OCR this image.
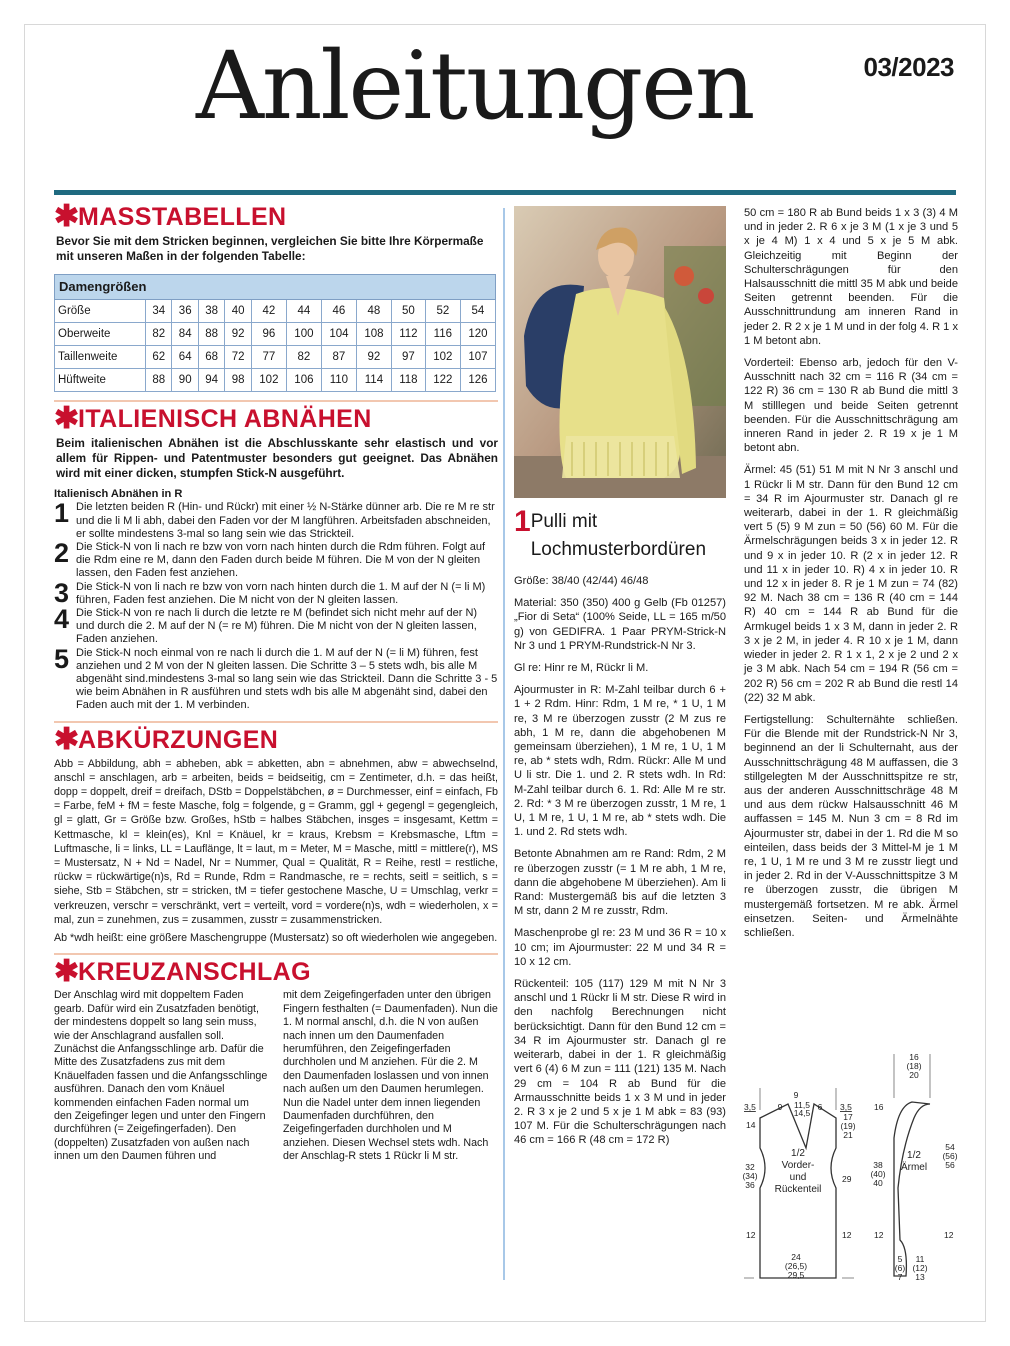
Anleitungen	03/2023
✱
MASSTABELLEN

Bevor Sie mit dem Stricken beginnen, vergleichen Sie bitte Ihre Körpermaße mit unseren Maßen in der folgenden Tabelle:

Damengrößen											
Größe	34	36	38	40	42	44	46	48	50	52	54
Oberweite	82	84	88	92	96	100	104	108	112	116	120
Taillenweite	62	64	68	72	77	82	87	92	97	102	107
Hüftweite	88	90	94	98	102	106	110	114	118	122	126
✱
ITALIENISCH ABNÄHEN

Beim italienischen Abnähen ist die Abschlusskante sehr elastisch und vor allem für Rippen- und Patentmuster besonders gut geeignet. Das Abnähen wird mit einer dicken, stumpfen Stick-N ausgeführt.

Italienisch Abnähen in R

1 Die letzten beiden R (Hin- und Rückr) mit einer ½ N-Stärke dünner arb. Die re M re str und die li M li abh, dabei den Faden vor der M langführen. Arbeitsfaden abschneiden, er sollte mindestens 3-mal so lang sein wie das Strickteil.
2 Die Stick-N von li nach re bzw von vorn nach hinten durch die Rdm führen. Folgt auf die Rdm eine re M, dann den Faden durch beide M führen. Die M von der N gleiten lassen, den Faden fest anziehen.
3 Die Stick-N von li nach re bzw von vorn nach hinten durch die 1. M auf der N (= li M) führen, Faden fest anziehen. Die M nicht von der N gleiten lassen.
4 Die Stick-N von re nach li durch die letzte re M (befindet sich nicht mehr auf der N) und durch die 2. M auf der N (= re M) führen. Die M nicht von der N gleiten lassen, Faden anziehen.
5 Die Stick-N noch einmal von re nach li durch die 1. M auf der N (= li M) führen, fest anziehen und 2 M von der N gleiten lassen. Die Schritte 3 – 5 stets wdh, bis alle M abgenäht sind.mindestens 3-mal so lang sein wie das Strickteil. Dann die Schritte 3 - 5 wie beim Abnähen in R ausführen und stets wdh bis alle M abgenäht sind, dabei den Faden auch mit der 1. M verbinden.
✱
ABKÜRZUNGEN

Abb = Abbildung, abh = abheben, abk = abketten, abn = abnehmen, abw = abwechselnd, anschl = anschlagen, arb = arbeiten, beids = beidseitig, cm = Zentimeter, d.h. = das heißt, dopp = doppelt, dreif = dreifach, DStb = Doppelstäbchen, ø = Durchmesser, einf = einfach, Fb = Farbe, feM + fM = feste Masche, folg = folgende, g = Gramm, ggl + gegengl = gegengleich, gl = glatt, Gr = Größe bzw. Großes, hStb = halbes Stäbchen, insges = insgesamt, Kettm = Kettmasche, kl = klein(es), Knl = Knäuel, kr = kraus, Krebsm = Krebsmasche, Lftm = Luftmasche, li = links, LL = Lauflänge, lt = laut, m = Meter, M = Masche, mittl = mittlere(r), MS = Mustersatz, N + Nd = Nadel, Nr = Nummer, Qual = Qualität, R = Reihe, restl = restliche, rückw = rückwärtige(n)s, Rd = Runde, Rdm = Randmasche, re = rechts, seitl = seitlich, s = siehe, Stb = Stäbchen, str = stricken, tM = tiefer gestochene Masche, U = Umschlag, verkr = verkreuzen, verschr = verschränkt, vert = verteilt, vord = vordere(n)s, wdh = wiederholen, x = mal, zun = zunehmen, zus = zusammen, zusstr = zusammenstricken.

Ab *wdh heißt: eine größere Maschengruppe (Mustersatz) so oft wiederholen wie angegeben.

✱
KREUZANSCHLAG

Der Anschlag wird mit doppeltem Faden gearb. Dafür wird ein Zusatzfaden benötigt, der mindestens doppelt so lang sein muss, wie der Anschlagrand ausfallen soll. Zunächst die Anfangsschlinge arb. Dafür die Mitte des Zusatzfadens zus mit dem Knäuelfaden fassen und die Anfangsschlinge ausführen. Danach den vom Knäuel kommenden einfachen Faden normal um den Zeigefinger legen und unter den Fingern durchführen (= Zeigefingerfaden). Den (doppelten) Zusatzfaden von außen nach innen um den Daumen führen und

mit dem Zeigefingerfaden unter den übrigen Fingern festhalten (= Daumenfaden). Nun die 1. M normal anschl, d.h. die N von außen nach innen um den Daumenfaden herumführen, den Zeigefingerfaden durchholen und M anziehen. Für die 2. M den Daumenfaden loslassen und von innen nach außen um den Daumen herumlegen. Nun die Nadel unter dem innen liegenden Daumenfaden durchführen, den Zeigefingerfaden durchholen und M anziehen. Diesen Wechsel stets wdh. Nach der Anschlag-R stets 1 Rückr li M str.

1 Pulli mit Lochmusterbordüren

Größe: 38/40 (42/44) 46/48

Material: 350 (350) 400 g Gelb (Fb 01257) „Fior di Seta“ (100% Seide, LL = 165 m/50 g) von GEDIFRA. 1 Paar PRYM-Strick-N Nr 3 und 1 PRYM-Rundstrick-N Nr 3.

Gl re: Hinr re M, Rückr li M.

Ajourmuster in R: M-Zahl teilbar durch 6 + 1 + 2 Rdm. Hinr: Rdm, 1 M re, * 1 U, 1 M re, 3 M re überzogen zusstr (2 M zus re abh, 1 M re, dann die abgehobenen M gemeinsam überziehen), 1 M re, 1 U, 1 M re, ab * stets wdh, Rdm. Rückr: Alle M und U li str. Die 1. und 2. R stets wdh. In Rd: M-Zahl teilbar durch 6. 1. Rd: Alle M re str. 2. Rd: * 3 M re überzogen zusstr, 1 M re, 1 U, 1 M re, 1 U, 1 M re, ab * stets wdh. Die 1. und 2. Rd stets wdh.

Betonte Abnahmen am re Rand: Rdm, 2 M re überzogen zusstr (= 1 M re abh, 1 M re, dann die abgehobene M überziehen). Am li Rand: Mustergemäß bis auf die letzten 3 M str, dann 2 M re zusstr, Rdm.

Maschenprobe gl re: 23 M und 36 R = 10 x 10 cm; im Ajourmuster: 22 M und 34 R = 10 x 12 cm.

Rückenteil: 105 (117) 129 M mit N Nr 3 anschl und 1 Rückr li M str. Diese R wird in den nachfolg Berechnungen nicht berücksichtigt. Dann für den Bund 12 cm = 34 R im Ajourmuster str. Danach gl re weiterarb, dabei in der 1. R gleichmäßig vert 6 (4) 6 M zun = 111 (121) 135 M. Nach 29 cm = 104 R ab Bund für die Armausschnitte beids 1 x 3 M und in jeder 2. R 3 x je 2 und 5 x je 1 M abk = 83 (93) 107 M. Für die Schulterschrägungen nach 46 cm = 166 R (48 cm = 172 R)

50 cm = 180 R ab Bund beids 1 x 3 (3) 4 M und in jeder 2. R 6 x je 3 M (1 x je 3 und 5 x je 4 M) 1 x 4 und 5 x je 5 M abk. Gleichzeitig mit Beginn der Schulterschrägungen für den Halsausschnitt die mittl 35 M abk und beide Seiten getrennt beenden. Für die Ausschnittrundung am inneren Rand in jeder 2. R 2 x je 1 M und in der folg 4. R 1 x 1 M betont abn.

Vorderteil: Ebenso arb, jedoch für den V-Ausschnitt nach 32 cm = 116 R (34 cm = 122 R) 36 cm = 130 R ab Bund die mittl 3 M stilllegen und beide Seiten getrennt beenden. Für die Ausschnittschrägung am inneren Rand in jeder 2. R 19 x je 1 M betont abn.

Ärmel: 45 (51) 51 M mit N Nr 3 anschl und 1 Rückr li M str. Dann für den Bund 12 cm = 34 R im Ajourmuster str. Danach gl re weiterarb, dabei in der 1. R gleichmäßig vert 5 (5) 9 M zun = 50 (56) 60 M. Für die Ärmelschrägungen beids 3 x in jeder 12. R und 9 x in jeder 10. R (2 x in jeder 12. R und 11 x in jeder 10. R) 4 x in jeder 10. R und 12 x in jeder 8. R je 1 M zun = 74 (82) 92 M. Nach 38 cm = 136 R (40 cm = 144 R) 40 cm = 144 R ab Bund für die Armkugel beids 1 x 3 M, dann in jeder 2. R 3 x je 2 M, in jeder 4. R 10 x je 1 M, dann wieder in jeder 2. R 1 x 1, 2 x je 2 und 2 x je 3 M abk. Nach 54 cm = 194 R (56 cm = 202 R) 56 cm = 202 R ab Bund die restl 14 (22) 32 M abk.

Fertigstellung: Schulternähte schließen. Für die Blende mit der Rundstrick-N Nr 3, beginnend an der li Schulternaht, aus der Ausschnittschrägung 48 M auffassen, die 3 stillgelegten M der Ausschnittspitze re str, aus der anderen Ausschnittschräge 48 M und aus dem rückw Halsausschnitt 46 M auffassen = 145 M. Nun 3 cm = 8 Rd im Ajourmuster str, dabei in der 1. Rd die M so einteilen, dass beids der 3 Mittel-M je 1 M re, 1 U, 1 M re und 3 M re zusstr liegt und in jeder 2. Rd in der V-Ausschnittspitze 3 M re überzogen zusstr, die übrigen M mustergemäß fortsetzen. M re abk. Ärmel einsetzen. Seiten- und Ärmelnähte schließen.

9
9 11,5 14,5
6
3,5
14
32 (34) 36
12
3,5
17 (19) 21
29
12
1/2 Vorder-und Rückenteil
24 (26,5) 29,5
16 (18) 20
16
38 (40) 40
12
1/2 Ärmel
54 (56) 56
12
5 (6) 7
11 (12) 13
